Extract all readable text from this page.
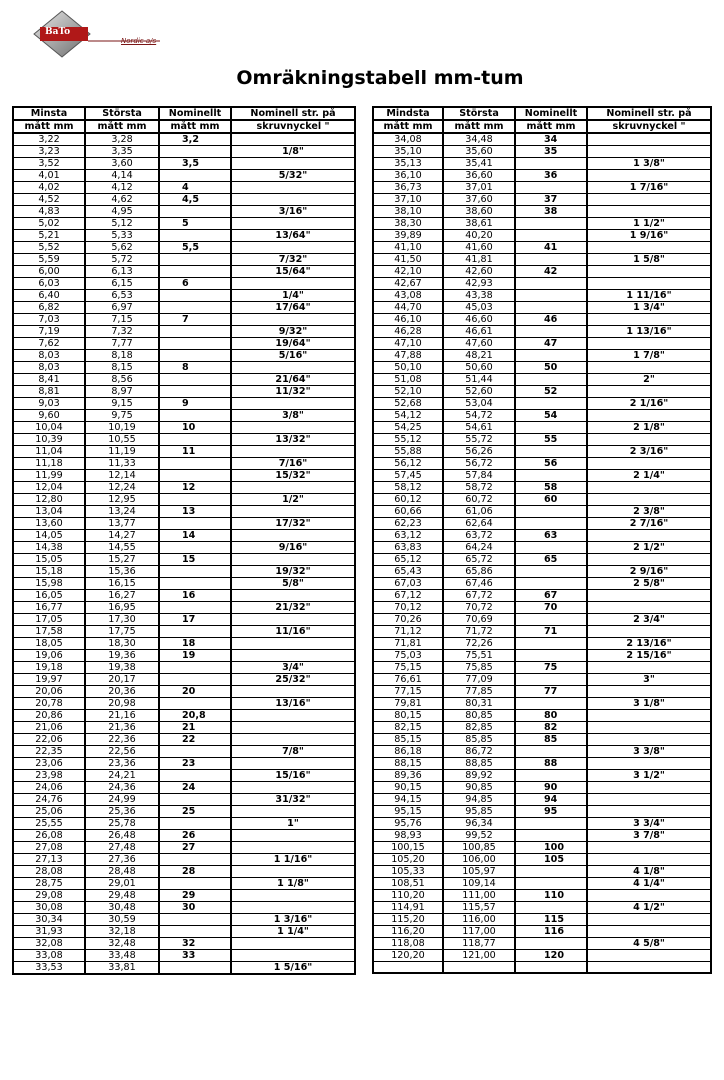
BaTo
Nordic a/s
Omräkningstabell mm-tum
Minsta	Största	Nominellt	Nominell str. på
mått mm	mått mm	mått mm	skruvnyckel "
3,22	3,28	3,2	
3,23	3,35		1/8"
3,52	3,60	3,5	
4,01	4,14		5/32"
4,02	4,12	4	
4,52	4,62	4,5	
4,83	4,95		3/16"
5,02	5,12	5	
5,21	5,33		13/64"
5,52	5,62	5,5	
5,59	5,72		7/32"
6,00	6,13		15/64"
6,03	6,15	6	
6,40	6,53		1/4"
6,82	6,97		17/64"
7,03	7,15	7	
7,19	7,32		9/32"
7,62	7,77		19/64"
8,03	8,18		5/16"
8,03	8,15	8	
8,41	8,56		21/64"
8,81	8,97		11/32"
9,03	9,15	9	
9,60	9,75		3/8"
10,04	10,19	10	
10,39	10,55		13/32"
11,04	11,19	11	
11,18	11,33		7/16"
11,99	12,14		15/32"
12,04	12,24	12	
12,80	12,95		1/2"
13,04	13,24	13	
13,60	13,77		17/32"
14,05	14,27	14	
14,38	14,55		9/16"
15,05	15,27	15	
15,18	15,36		19/32"
15,98	16,15		5/8"
16,05	16,27	16	
16,77	16,95		21/32"
17,05	17,30	17	
17,58	17,75		11/16"
18,05	18,30	18	
19,06	19,36	19	
19,18	19,38		3/4"
19,97	20,17		25/32"
20,06	20,36	20	
20,78	20,98		13/16"
20,86	21,16	20,8	
21,06	21,36	21	
22,06	22,36	22	
22,35	22,56		7/8"
23,06	23,36	23	
23,98	24,21		15/16"
24,06	24,36	24	
24,76	24,99		31/32"
25,06	25,36	25	
25,55	25,78		1"
26,08	26,48	26	
27,08	27,48	27	
27,13	27,36		1 1/16"
28,08	28,48	28	
28,75	29,01		1 1/8"
29,08	29,48	29	
30,08	30,48	30	
30,34	30,59		1 3/16"
31,93	32,18		1 1/4"
32,08	32,48	32	
33,08	33,48	33	
33,53	33,81		1 5/16"
Mindsta	Största	Nominellt	Nominell str. på
mått mm	mått mm	mått mm	skruvnyckel "
34,08	34,48	34	
35,10	35,60	35	
35,13	35,41		1 3/8"
36,10	36,60	36	
36,73	37,01		1 7/16"
37,10	37,60	37	
38,10	38,60	38	
38,30	38,61		1 1/2"
39,89	40,20		1 9/16"
41,10	41,60	41	
41,50	41,81		1 5/8"
42,10	42,60	42	
42,67	42,93		
43,08	43,38		1 11/16"
44,70	45,03		1 3/4"
46,10	46,60	46	
46,28	46,61		1 13/16"
47,10	47,60	47	
47,88	48,21		1 7/8"
50,10	50,60	50	
51,08	51,44		2"
52,10	52,60	52	
52,68	53,04		2 1/16"
54,12	54,72	54	
54,25	54,61		2 1/8"
55,12	55,72	55	
55,88	56,26		2 3/16"
56,12	56,72	56	
57,45	57,84		2 1/4"
58,12	58,72	58	
60,12	60,72	60	
60,66	61,06		2 3/8"
62,23	62,64		2 7/16"
63,12	63,72	63	
63,83	64,24		2 1/2"
65,12	65,72	65	
65,43	65,86		2 9/16"
67,03	67,46		2 5/8"
67,12	67,72	67	
70,12	70,72	70	
70,26	70,69		2 3/4"
71,12	71,72	71	
71,81	72,26		2 13/16"
75,03	75,51		2 15/16"
75,15	75,85	75	
76,61	77,09		3"
77,15	77,85	77	
79,81	80,31		3 1/8"
80,15	80,85	80	
82,15	82,85	82	
85,15	85,85	85	
86,18	86,72		3 3/8"
88,15	88,85	88	
89,36	89,92		3 1/2"
90,15	90,85	90	
94,15	94,85	94	
95,15	95,85	95	
95,76	96,34		3 3/4"
98,93	99,52		3 7/8"
100,15	100,85	100	
105,20	106,00	105	
105,33	105,97		4 1/8"
108,51	109,14		4 1/4"
110,20	111,00	110	
114,91	115,57		4 1/2"
115,20	116,00	115	
116,20	117,00	116	
118,08	118,77		4 5/8"
120,20	121,00	120	
